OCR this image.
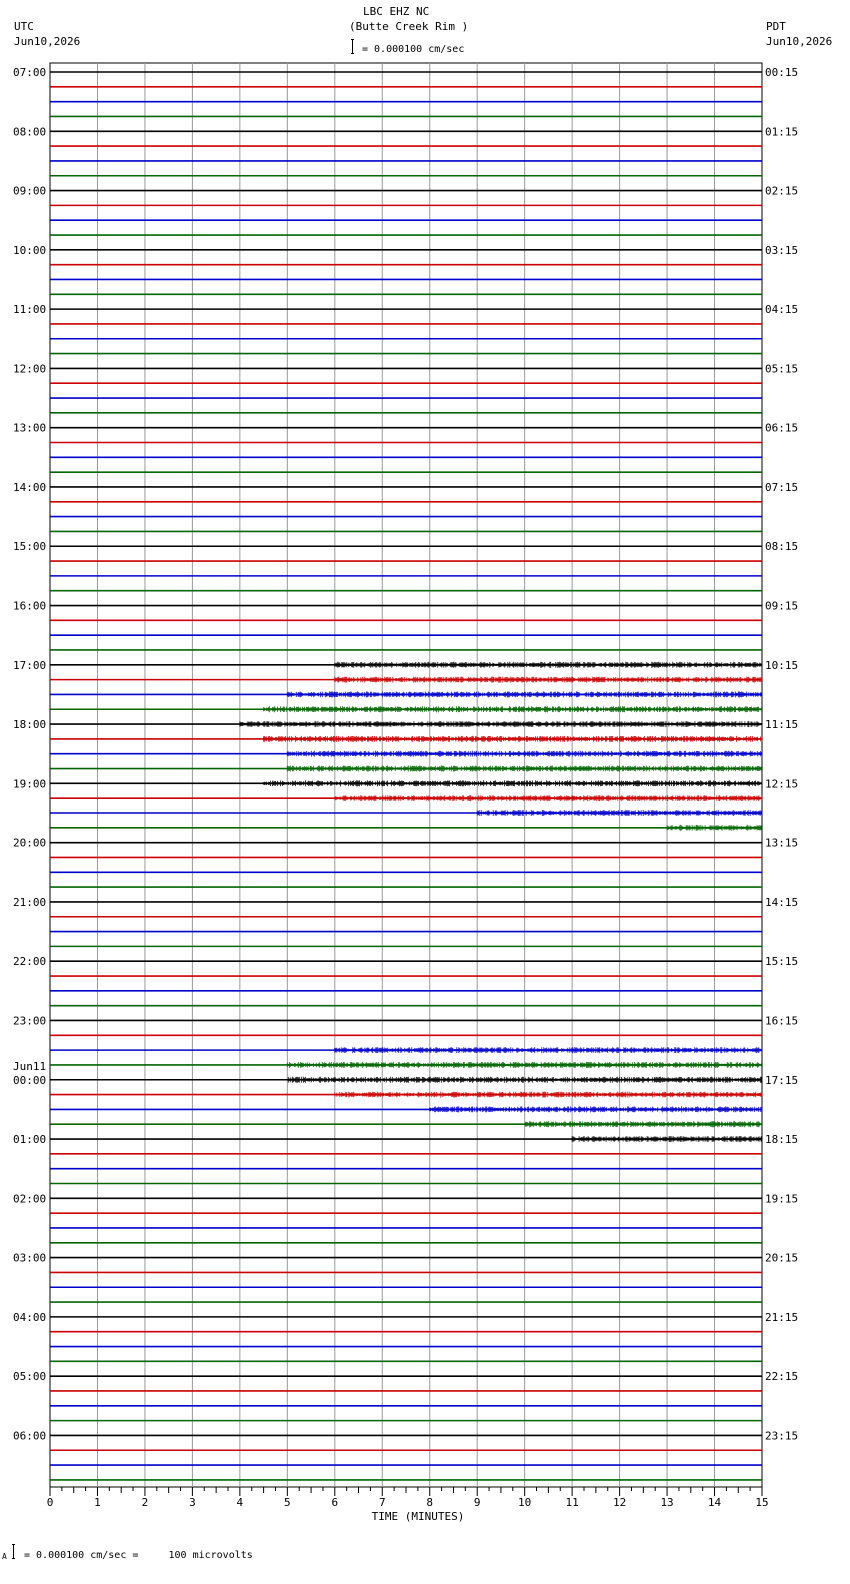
LBC EHZ NC
(Butte Creek Rim )
UTC
Jun10,2026
PDT
Jun10,2026
= 0.000100 cm/sec
07:00
08:00
09:00
10:00
11:00
12:00
13:00
14:00
15:00
16:00
17:00
18:00
19:00
20:00
21:00
22:00
23:00
00:00
01:00
02:00
03:00
04:00
05:00
06:00
00:15
01:15
02:15
03:15
04:15
05:15
06:15
07:15
08:15
09:15
10:15
11:15
12:15
13:15
14:15
15:15
16:15
17:15
18:15
19:15
20:15
21:15
22:15
23:15
Jun11
0	1	2	3	4	5	6	7	8	9	10	11	12	13	14	15
TIME (MINUTES)
A = 0.000100 cm/sec =     100 microvolts
